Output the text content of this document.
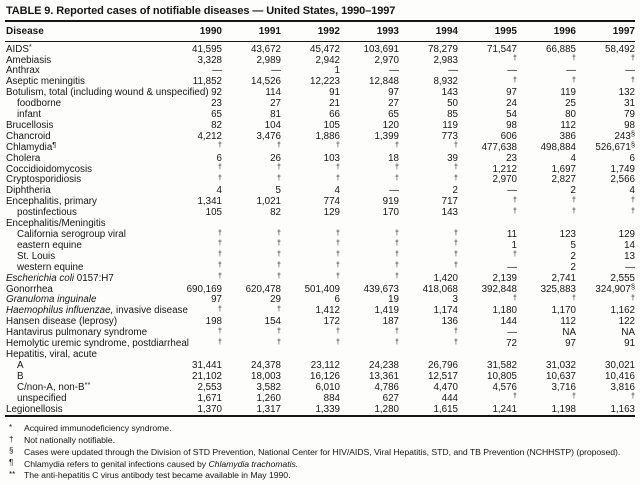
TABLE 9. Reported cases of notifiable diseases — United States, 1990–1997
Disease	1990	1991	1992	1993	1994	1995	1996	1997
AIDS*	41,595	43,672	45,472	103,691	78,279	71,547	66,885	58,492
Amebiasis	3,328	2,989	2,942	2,970	2,983	†	†	†
Anthrax	—	—	1	—	—	—	—	—
Aseptic meningitis	11,852	14,526	12,223	12,848	8,932	†	†	†
Botulism, total (including wound & unspecified)	92	114	91	97	143	97	119	132
foodborne	23	27	21	27	50	24	25	31
infant	65	81	66	65	85	54	80	79
Brucellosis	82	104	105	120	119	98	112	98
Chancroid	4,212	3,476	1,886	1,399	773	606	386	243§
Chlamydia¶	†	†	†	†	†	477,638	498,884	526,671§
Cholera	6	26	103	18	39	23	4	6
Coccidioidomycosis	†	†	†	†	†	1,212	1,697	1,749
Cryptosporidiosis	†	†	†	†	†	2,970	2,827	2,566
Diphtheria	4	5	4	—	2	—	2	4
Encephalitis, primary	1,341	1,021	774	919	717	†	†	†
postinfectious	105	82	129	170	143	†	†	†
Encephalitis/Meningitis								
California serogroup viral	†	†	†	†	†	11	123	129
eastern equine	†	†	†	†	†	1	5	14
St. Louis	†	†	†	†	†	†	2	13
western equine	†	†	†	†	†	—	2	—
Escherichia coli 0157:H7	†	†	†	†	1,420	2,139	2,741	2,555
Gonorrhea	690,169	620,478	501,409	439,673	418,068	392,848	325,883	324,907§
Granuloma inguinale	97	29	6	19	3	†	†	†
Haemophilus influenzae, invasive disease	†	†	1,412	1,419	1,174	1,180	1,170	1,162
Hansen disease (leprosy)	198	154	172	187	136	144	112	122
Hantavirus pulmonary syndrome	†	†	†	†	†	—	NA	NA
Hemolytic uremic syndrome, postdiarrheal	†	†	†	†	†	72	97	91
Hepatitis, viral, acute								
A	31,441	24,378	23,112	24,238	26,796	31,582	31,032	30,021
B	21,102	18,003	16,126	13,361	12,517	10,805	10,637	10,416
C/non-A, non-B**	2,553	3,582	6,010	4,786	4,470	4,576	3,716	3,816
unspecified	1,671	1,260	884	627	444	†	†	†
Legionellosis	1,370	1,317	1,339	1,280	1,615	1,241	1,198	1,163
* Acquired immunodeficiency syndrome.
† Not nationally notifiable.
§ Cases were updated through the Division of STD Prevention, National Center for HIV/AIDS, Viral Hepatitis, STD, and TB Prevention (NCHHSTP) (proposed).
¶ Chlamydia refers to genital infections caused by Chlamydia trachomatis.
** The anti-hepatitis C virus antibody test became available in May 1990.
